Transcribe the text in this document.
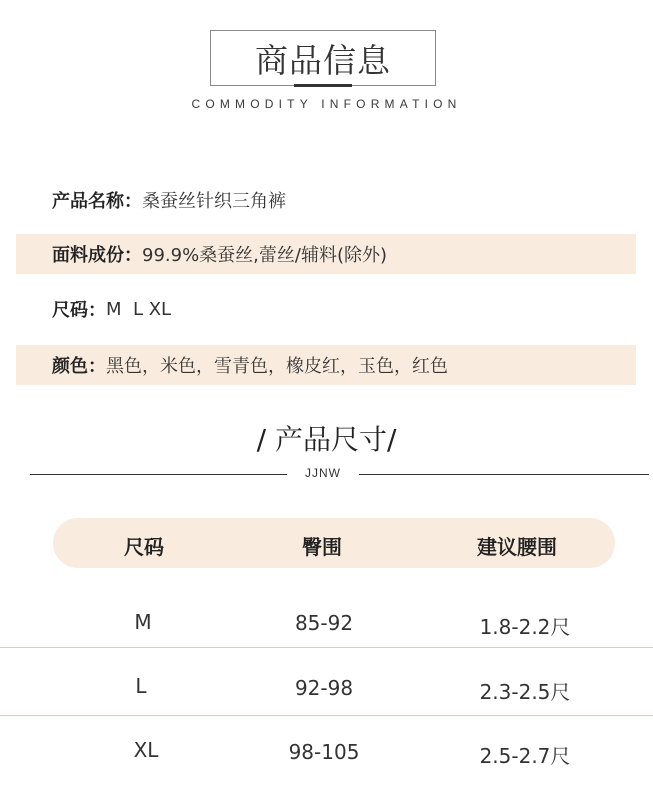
商品信息
COMMODITY INFORMATION
产品名称： 桑蚕丝针织三角裤
面料成份： 99.9%桑蚕丝,蕾丝/辅料(除外)
尺码： M  L XL
颜色： 黑色，米色，雪青色，橡皮红，玉色，红色
/ 产品尺寸/
JJNW
尺码	臀围	建议腰围
M	85-92	1.8-2.2尺
L	92-98	2.3-2.5尺
XL	98-105	2.5-2.7尺
